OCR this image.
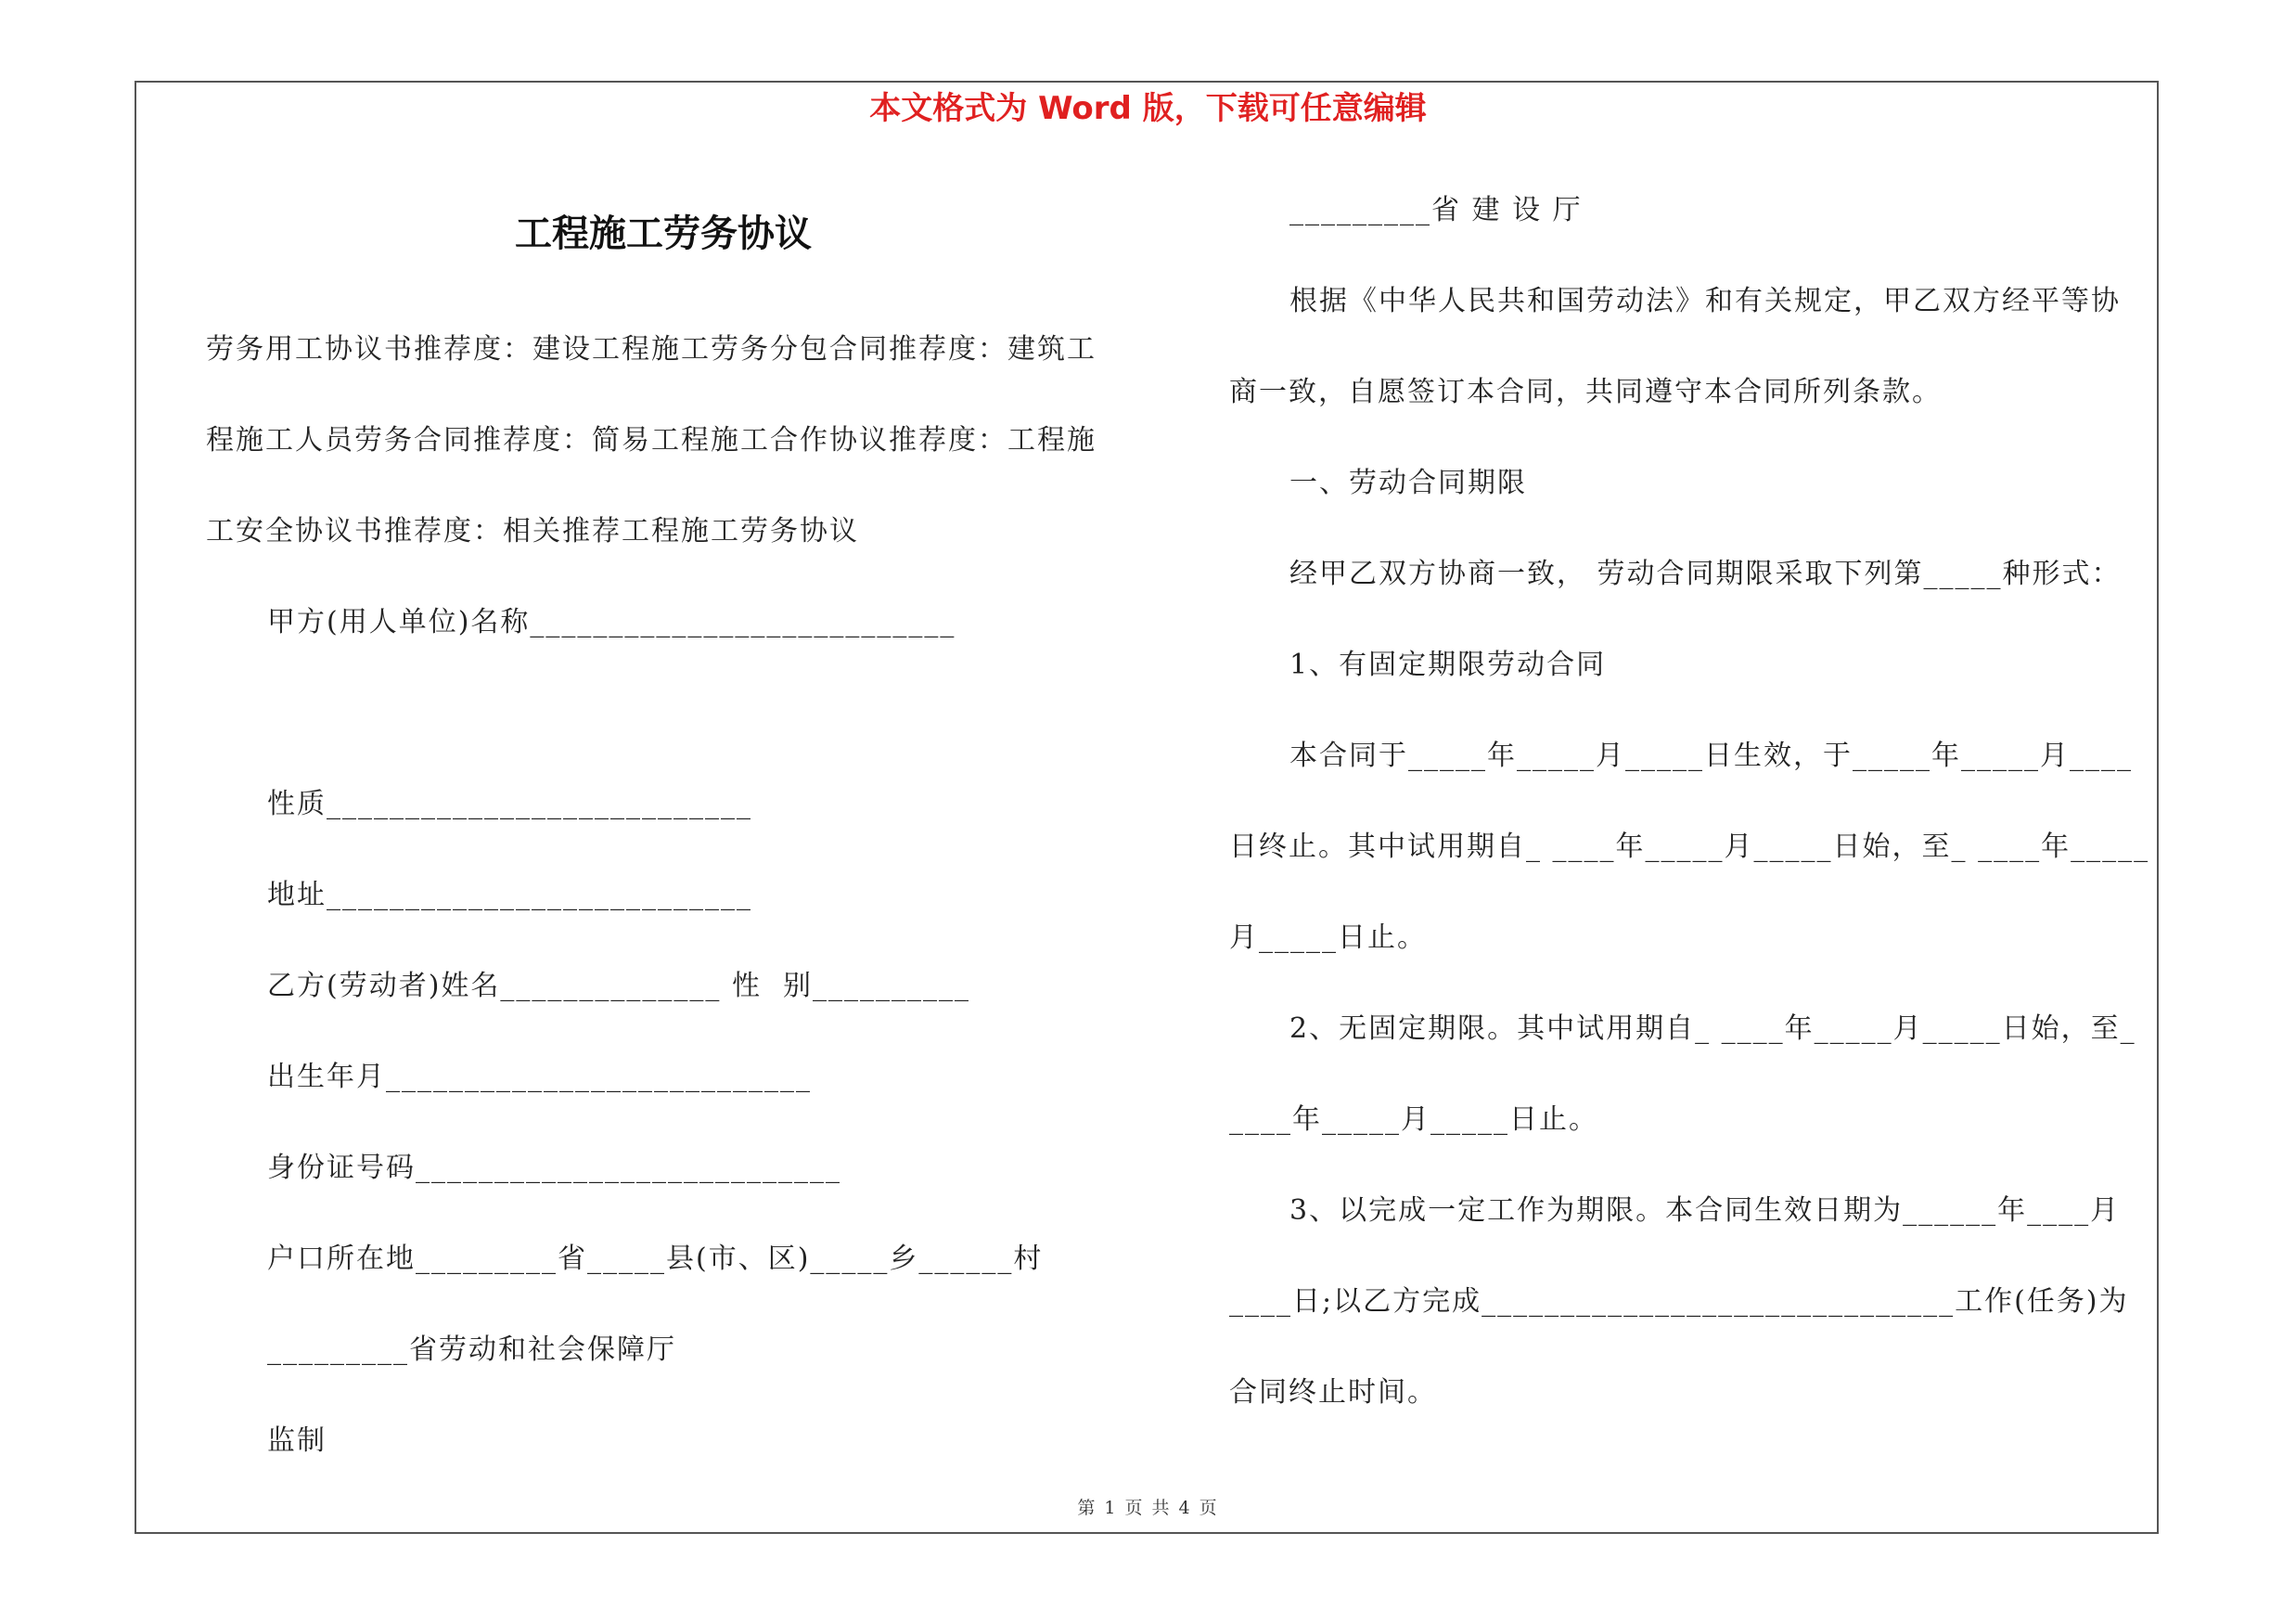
本文格式为 Word 版，下载可任意编辑
工程施工劳务协议
劳务用工协议书推荐度：建设工程施工劳务分包合同推荐度：建筑工
程施工人员劳务合同推荐度：简易工程施工合作协议推荐度：工程施
工安全协议书推荐度：相关推荐工程施工劳务协议
甲方(用人单位)名称___________________________
性质___________________________
地址___________________________
乙方(劳动者)姓名______________ 性  别__________
出生年月___________________________
身份证号码___________________________
户口所在地_________省_____县(市、区)_____乡______村
_________省劳动和社会保障厅
监制
_________省 建 设 厅
根据《中华人民共和国劳动法》和有关规定，甲乙双方经平等协
商一致，自愿签订本合同，共同遵守本合同所列条款。
一、劳动合同期限
经甲乙双方协商一致， 劳动合同期限采取下列第_____种形式：
1、有固定期限劳动合同
本合同于_____年_____月_____日生效，于_____年_____月____
日终止。其中试用期自_ ____年_____月_____日始，至_ ____年_____
月_____日止。
2、无固定期限。其中试用期自_ ____年_____月_____日始，至_
____年_____月_____日止。
3、以完成一定工作为期限。本合同生效日期为______年____月
____日;以乙方完成______________________________工作(任务)为
合同终止时间。
第 1 页 共 4 页
